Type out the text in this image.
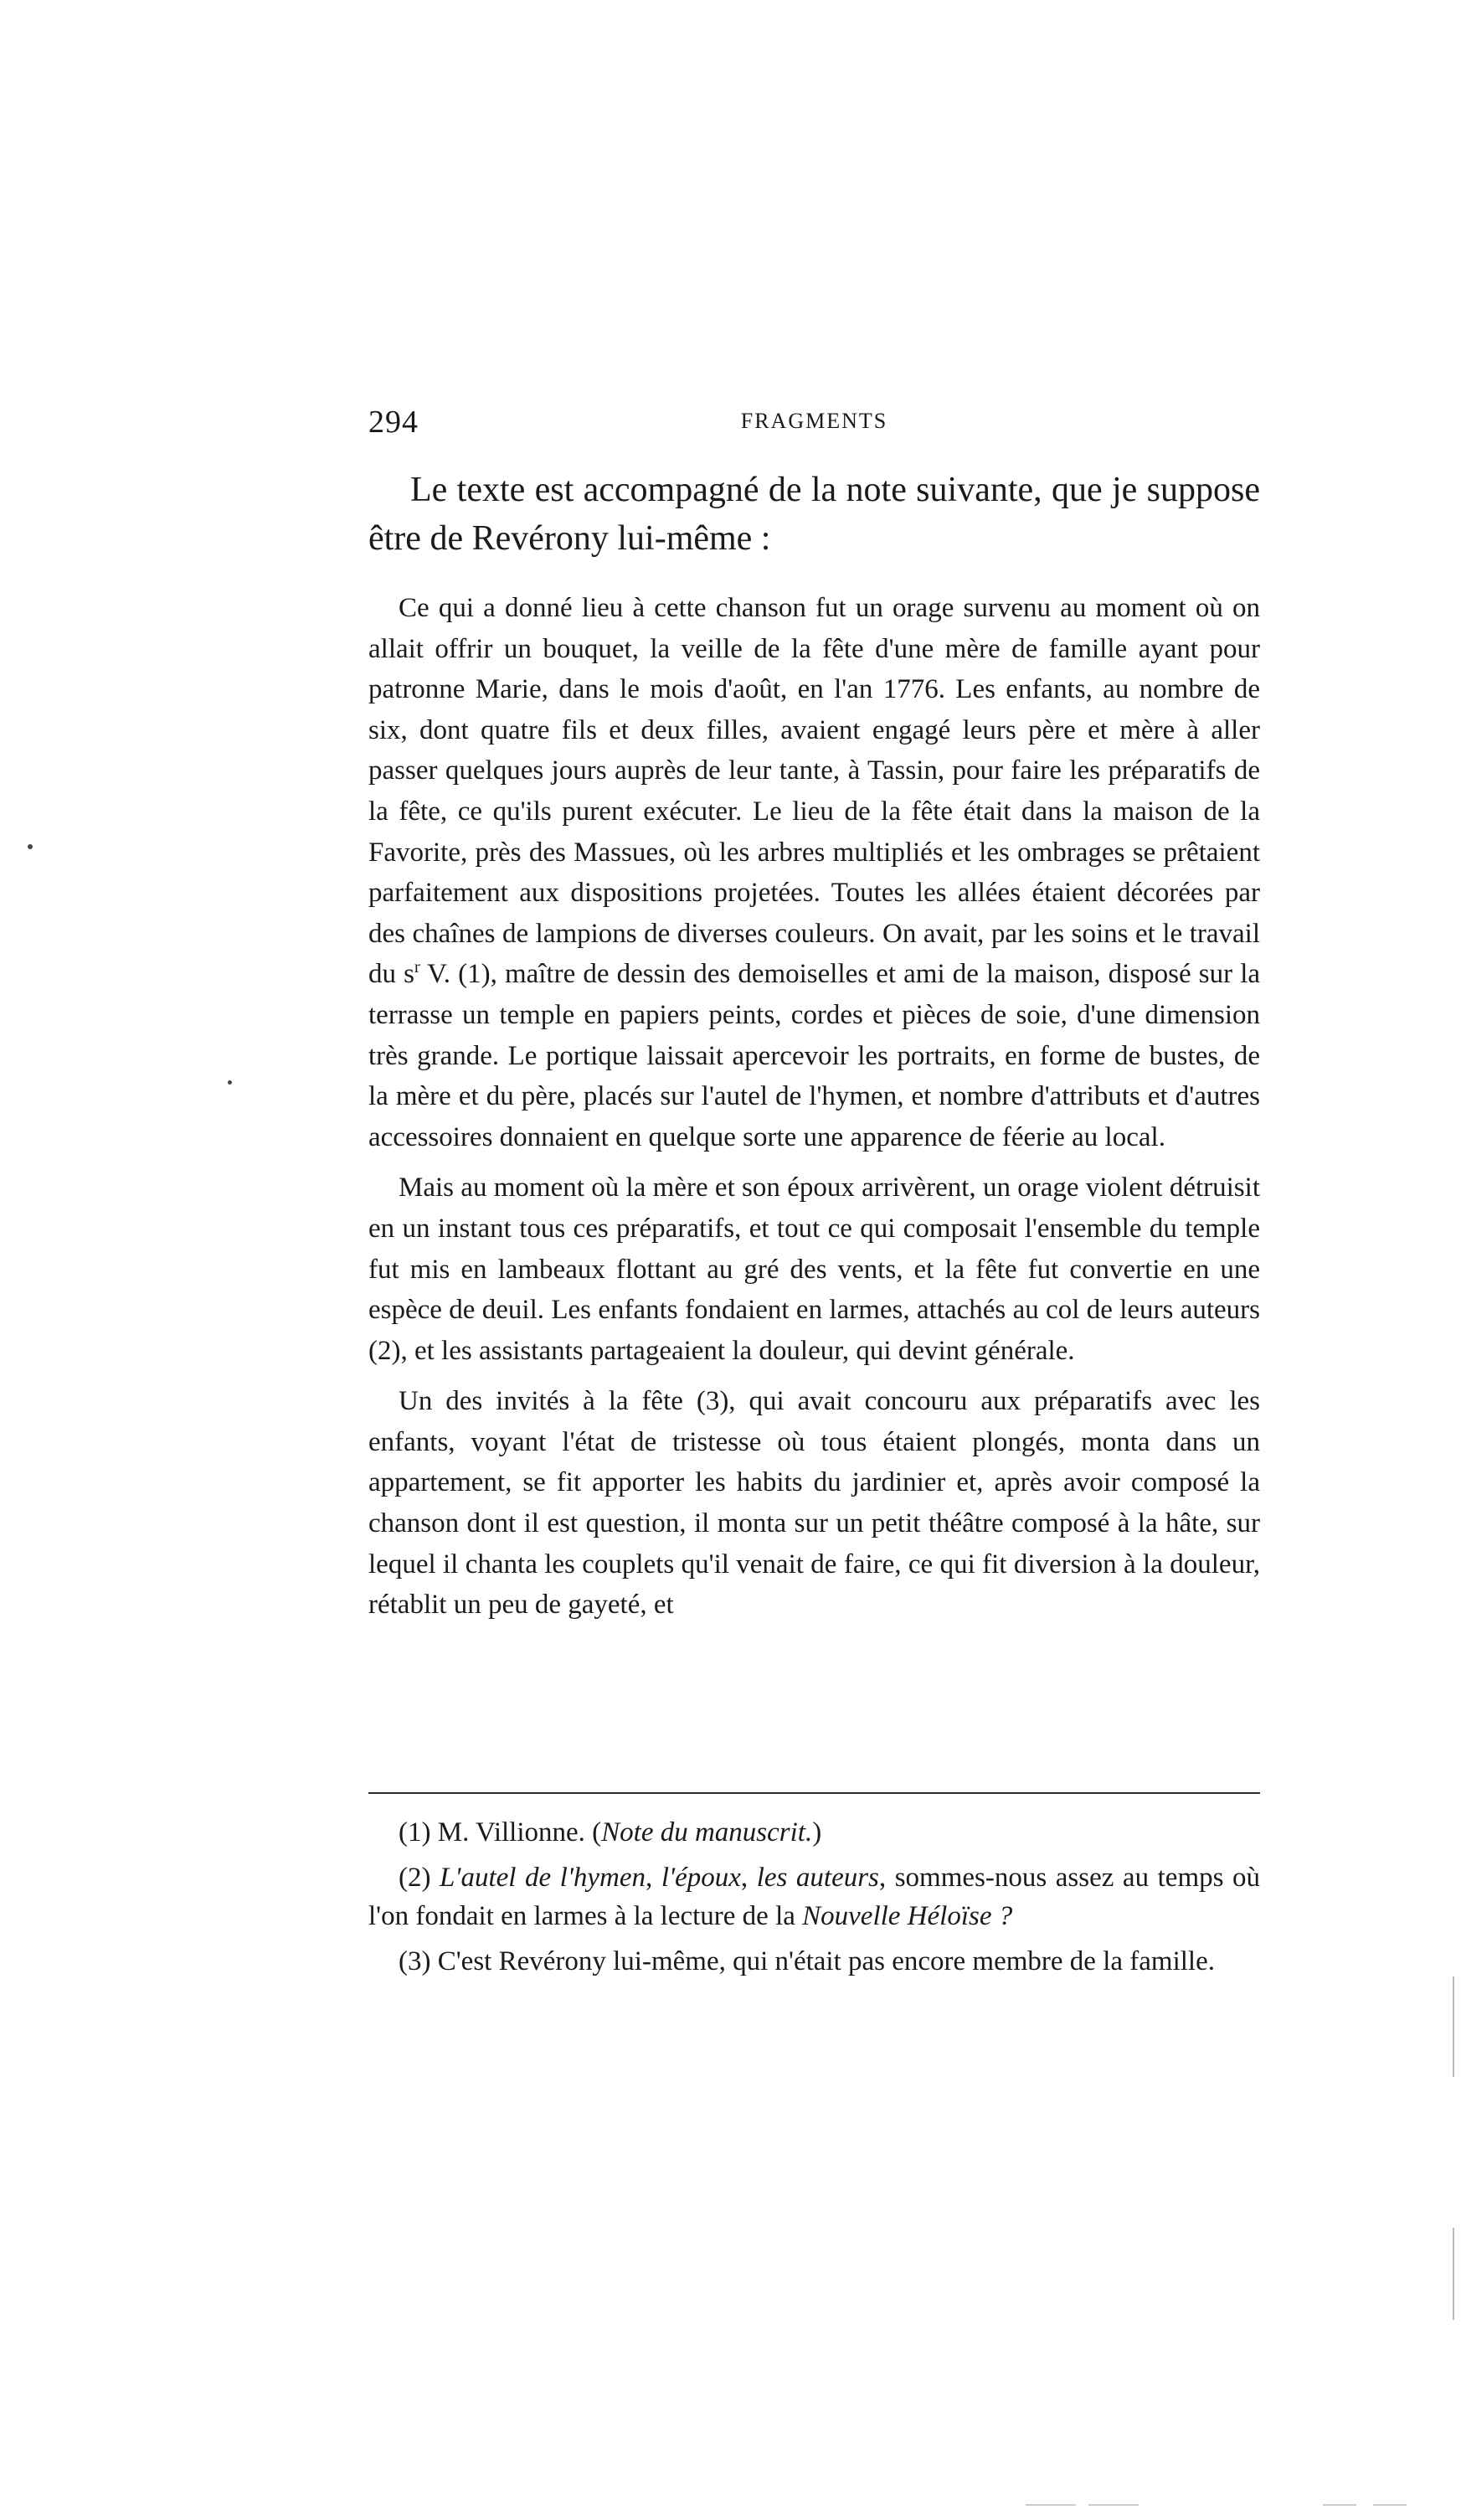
294	FRAGMENTS

Le texte est accompagné de la note suivante, que je suppose être de Revérony lui-même :

Ce qui a donné lieu à cette chanson fut un orage survenu au moment où on allait offrir un bouquet, la veille de la fête d'une mère de famille ayant pour patronne Marie, dans le mois d'août, en l'an 1776. Les enfants, au nombre de six, dont quatre fils et deux filles, avaient engagé leurs père et mère à aller passer quelques jours auprès de leur tante, à Tassin, pour faire les préparatifs de la fête, ce qu'ils purent exécuter. Le lieu de la fête était dans la maison de la Favorite, près des Massues, où les arbres multipliés et les ombrages se prêtaient parfaitement aux dispositions projetées. Toutes les allées étaient décorées par des chaînes de lampions de diverses couleurs. On avait, par les soins et le travail du $s^r$ V. (1), maître de dessin des demoiselles et ami de la maison, disposé sur la terrasse un temple en papiers peints, cordes et pièces de soie, d'une dimension très grande. Le portique laissait apercevoir les portraits, en forme de bustes, de la mère et du père, placés sur l'autel de l'hymen, et nombre d'attributs et d'autres accessoires donnaient en quelque sorte une apparence de féerie au local.

Mais au moment où la mère et son époux arrivèrent, un orage violent détruisit en un instant tous ces préparatifs, et tout ce qui composait l'ensemble du temple fut mis en lambeaux flottant au gré des vents, et la fête fut convertie en une espèce de deuil. Les enfants fondaient en larmes, attachés au col de leurs auteurs (2), et les assistants partageaient la douleur, qui devint générale.

Un des invités à la fête (3), qui avait concouru aux préparatifs avec les enfants, voyant l'état de tristesse où tous étaient plongés, monta dans un appartement, se fit apporter les habits du jardinier et, après avoir composé la chanson dont il est question, il monta sur un petit théâtre composé à la hâte, sur lequel il chanta les couplets qu'il venait de faire, ce qui fit diversion à la douleur, rétablit un peu de gayeté, et

(1) M. Villionne. (Note du manuscrit.)

(2) L'autel de l'hymen, l'époux, les auteurs, sommes-nous assez au temps où l'on fondait en larmes à la lecture de la Nouvelle Héloïse ?

(3) C'est Revérony lui-même, qui n'était pas encore membre de la famille.
